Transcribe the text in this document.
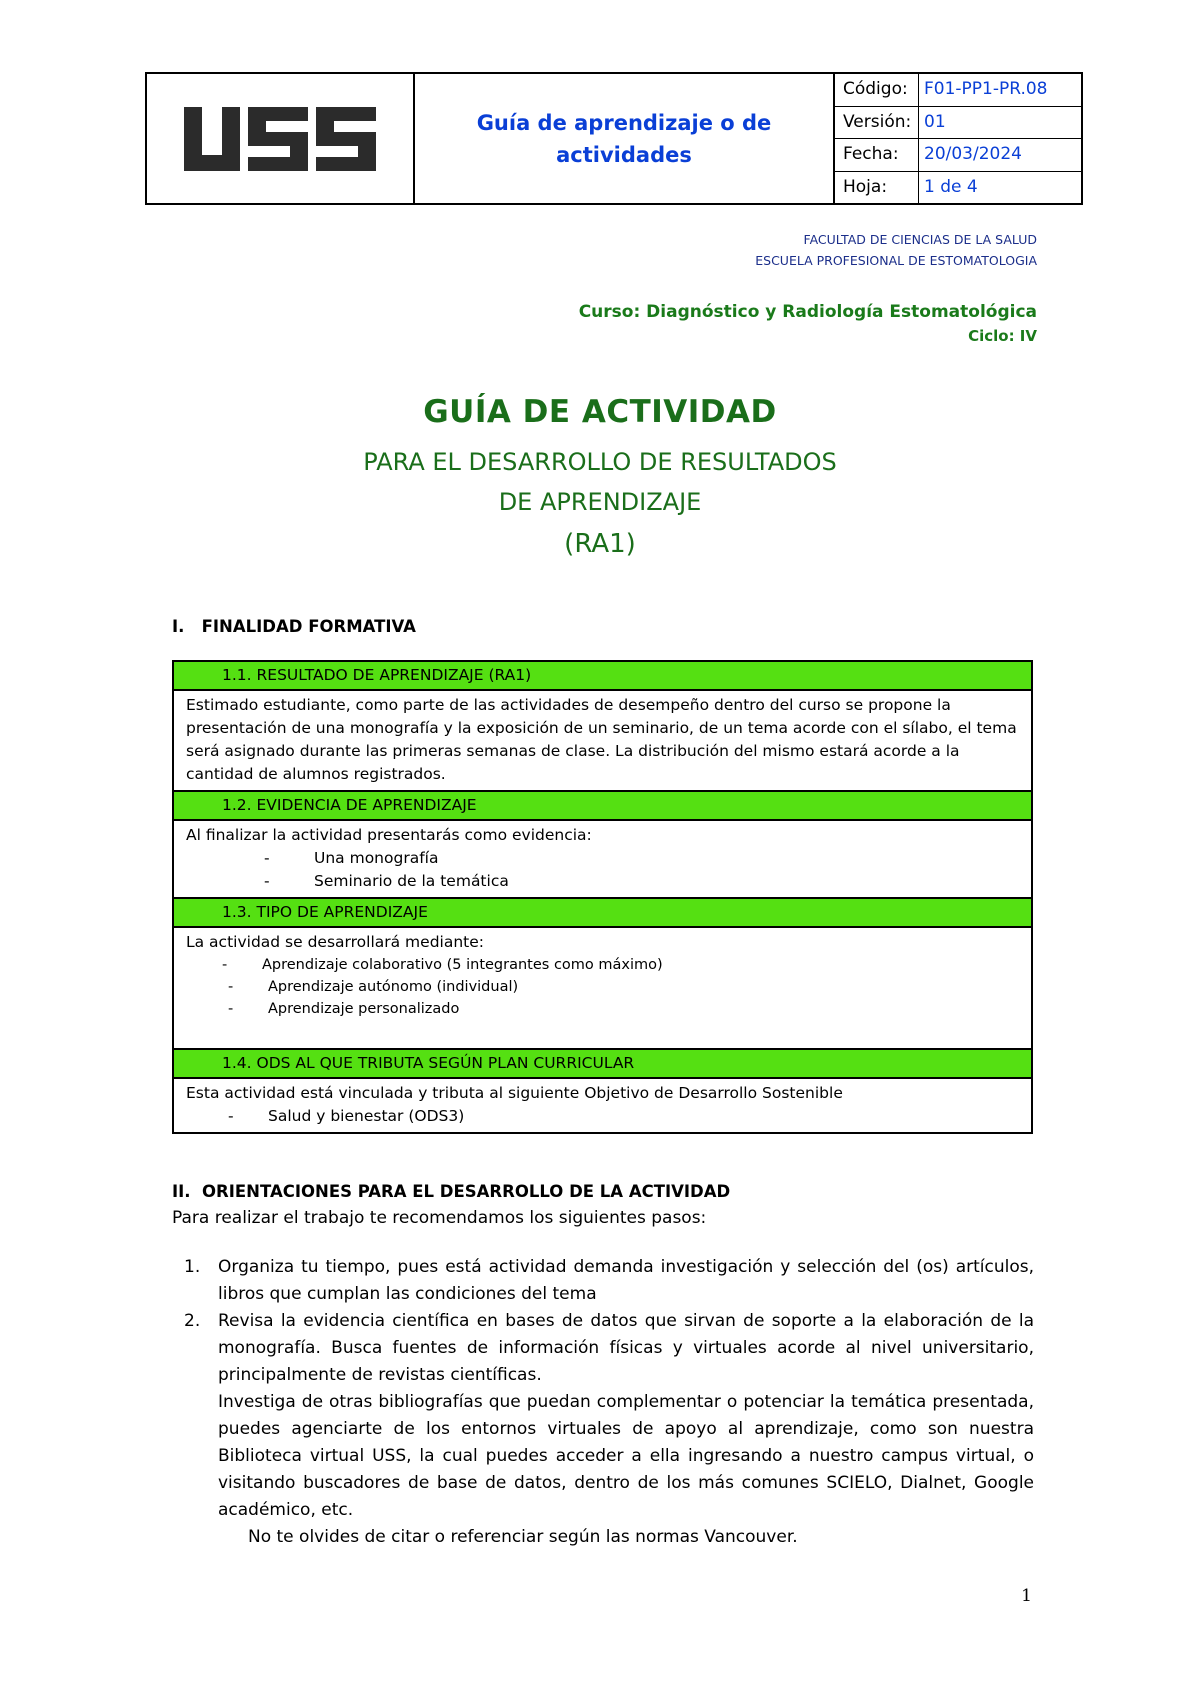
Guía de aprendizaje o de actividades
Código: F01-PP1-PR.08
Versión: 01
Fecha:	20/03/2024
Hoja:	1 de 4
FACULTAD DE CIENCIAS DE LA SALUD
ESCUELA PROFESIONAL DE ESTOMATOLOGIA
Curso: Diagnóstico y Radiología Estomatológica
Ciclo: IV
GUÍA DE ACTIVIDAD
PARA EL DESARROLLO DE RESULTADOS
DE APRENDIZAJE
(RA1)
I.   FINALIDAD FORMATIVA
1.1. RESULTADO DE APRENDIZAJE (RA1)

Estimado estudiante, como parte de las actividades de desempeño dentro del curso se propone la presentación de una monografía y la exposición de un seminario, de un tema acorde con el sílabo, el tema será asignado durante las primeras semanas de clase. La distribución del mismo estará acorde a la cantidad de alumnos registrados.

1.2. EVIDENCIA DE APRENDIZAJE

Al finalizar la actividad presentarás como evidencia:

-	Una monografía
-	Seminario de la temática
1.3. TIPO DE APRENDIZAJE

La actividad se desarrollará mediante:

-	Aprendizaje colaborativo (5 integrantes como máximo)
-	Aprendizaje autónomo (individual)
-	Aprendizaje personalizado
1.4. ODS AL QUE TRIBUTA SEGÚN PLAN CURRICULAR

Esta actividad está vinculada y tributa al siguiente Objetivo de Desarrollo Sostenible

-	Salud y bienestar (ODS3)
II.  ORIENTACIONES PARA EL DESARROLLO DE LA ACTIVIDAD
Para realizar el trabajo te recomendamos los siguientes pasos:
1.	Organiza tu tiempo, pues está actividad demanda investigación y selección del (os) artículos, libros que cumplan las condiciones del tema

2.	Revisa la evidencia científica en bases de datos que sirvan de soporte a la elaboración de la monografía. Busca fuentes de información físicas y virtuales acorde al nivel universitario, principalmente de revistas científicas.

Investiga de otras bibliografías que puedan complementar o potenciar la temática presentada, puedes agenciarte de los entornos virtuales de apoyo al aprendizaje, como son nuestra Biblioteca virtual USS, la cual puedes acceder a ella ingresando a nuestro campus virtual, o visitando buscadores de base de datos, dentro de los más comunes SCIELO, Dialnet, Google académico, etc.

No te olvides de citar o referenciar según las normas Vancouver.

1
